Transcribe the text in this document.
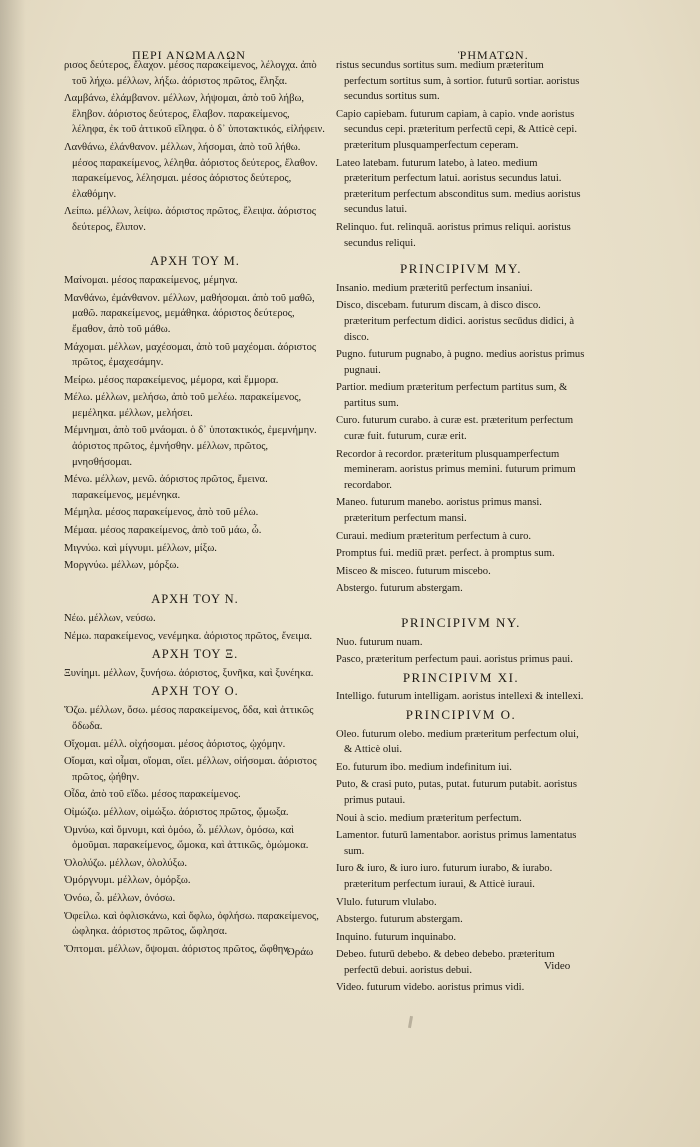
ΠΕΡΙ ΑΝΩΜΑΛΩΝ	ῬΗΜΑΤΩΝ.

ρισος δεύτερος, ἔλαχον. μέσος παρακείμενος, λέλογχα. ἀπὸ τοῦ λήχω. μέλλων, λήξω. ἀόριστος πρῶτος, ἔληξα.

Λαμβάνω, ἐλάμβανον. μέλλων, λήψομαι, ἀπὸ τοῦ λήβω, ἔληβον. ἀόριστος δεύτερος, ἔλαβον. παρακείμενος, λέληφα, ἐκ τοῦ ἀττικοῦ εἴληφα. ὁ δ᾽ ὑποτακτικός, εἰλήφειν.

Λανθάνω, ἐλάνθανον. μέλλων, λήσομαι, ἀπὸ τοῦ λήθω. μέσος παρακείμενος, λέληθα. ἀόριστος δεύτερος, ἔλαθον. παρακείμενος, λέλησμαι. μέσος ἀόριστος δεύτερος, ἐλαθόμην.

Λείπω. μέλλων, λείψω. ἀόριστος πρῶτος, ἔλειψα. ἀόριστος δεύτερος, ἔλιπον.

ΑΡΧΗ ΤΟΥ Μ.

Μαίνομαι. μέσος παρακείμενος, μέμηνα.

Μανθάνω, ἐμάνθανον. μέλλων, μαθήσομαι. ἀπὸ τοῦ μαθῶ, μαθῶ. παρακείμενος, μεμάθηκα. ἀόριστος δεύτερος, ἔμαθον, ἀπὸ τοῦ μάθω.

Μάχομαι. μέλλων, μαχέσομαι, ἀπὸ τοῦ μαχέομαι. ἀόριστος πρῶτος, ἐμαχεσάμην.

Μείρω. μέσος παρακείμενος, μέμορα, καὶ ἔμμορα.

Μέλω. μέλλων, μελήσω, ἀπὸ τοῦ μελέω. παρακείμενος, μεμέληκα. μέλλων, μελήσει.

Μέμνημαι, ἀπὸ τοῦ μνάομαι. ὁ δ᾽ ὑποτακτικός, ἐμεμνήμην. ἀόριστος πρῶτος, ἐμνήσθην. μέλλων, πρῶτος, μνησθήσομαι.

Μένω. μέλλων, μενῶ. ἀόριστος πρῶτος, ἔμεινα. παρακείμενος, μεμένηκα.

Μέμηλα. μέσος παρακείμενος, ἀπὸ τοῦ μέλω.

Μέμαα. μέσος παρακείμενος, ἀπὸ τοῦ μάω, ὦ.

Μιγνύω. καὶ μίγνυμι. μέλλων, μίξω.

Μοργνύω. μέλλων, μόρξω.

ΑΡΧΗ ΤΟΥ Ν.

Νέω. μέλλων, νεύσω.

Νέμω. παρακείμενος, νενέμηκα. ἀόριστος πρῶτος, ἔνειμα.

ΑΡΧΗ ΤΟΥ Ξ.

Ξυνίημι. μέλλων, ξυνήσω. ἀόριστος, ξυνῆκα, καὶ ξυνέηκα.

ΑΡΧΗ ΤΟΥ Ο.

Ὄζω. μέλλων, ὄσω. μέσος παρακείμενος, ὄδα, καὶ ἀττικῶς ὄδωδα.

Οἴχομαι. μέλλ. οἰχήσομαι. μέσος ἀόριστος, ᾠχόμην.

Οἴομαι, καὶ οἶμαι, οἴομαι, οἴει. μέλλων, οἰήσομαι. ἀόριστος πρῶτος, ᾠήθην.

Οἶδα, ἀπὸ τοῦ εἴδω. μέσος παρακείμενος.

Οἰμώζω. μέλλων, οἰμώξω. ἀόριστος πρῶτος, ᾤμωξα.

Ὀμνύω, καὶ ὄμνυμι, καὶ ὀμόω, ὦ. μέλλων, ὀμόσω, καὶ ὀμοῦμαι. παρακείμενος, ὤμοκα, καὶ ἀττικῶς, ὀμώμοκα.

Ὀλολύζω. μέλλων, ὀλολύξω.

Ὀμόργνυμι. μέλλων, ὀμόρξω.

Ὀνόω, ὦ. μέλλων, ὀνόσω.

Ὀφείλω. καὶ ὀφλισκάνω, καὶ ὄφλω, ὀφλήσω. παρακείμενος, ὠφληκα. ἀόριστος πρῶτος, ὤφλησα.

Ὄπτομαι. μέλλων, ὄψομαι. ἀόριστος πρῶτος, ὤφθην.

ristus secundus sortitus sum. medium præteritum perfectum sortitus sum, à sortior. futurū sortiar. aoristus secundus sortitus sum.

Capio capiebam. futurum capiam, à capio. vnde aoristus secundus cepi. præteritum perfectū cepi, & Atticè cepi. præteritum plusquamperfectum ceperam.

Lateo latebam. futurum latebo, à lateo. medium præteritum perfectum latui. aoristus secundus latui. præteritum perfectum absconditus sum. medius aoristus secundus latui.

Relinquo. fut. relinquā. aoristus primus reliqui. aoristus secundus reliqui.

PRINCIPIVM MY.

Insanio. medium præteritū perfectum insaniui.

Disco, discebam. futurum discam, à disco disco. præteritum perfectum didici. aoristus secūdus didici, à disco.

Pugno. futurum pugnabo, à pugno. medius aoristus primus pugnaui.

Partior. medium præteritum perfectum partitus sum, & partitus sum.

Curo. futurum curabo. à curæ est. præteritum perfectum curæ fuit. futurum, curæ erit.

Recordor à recordor. præteritum plusquamperfectum memineram. aoristus primus memini. futurum primum recordabor.

Maneo. futurum manebo. aoristus primus mansi. præteritum perfectum mansi.

Curaui. medium præteritum perfectum à curo.

Promptus fui. mediū præt. perfect. à promptus sum.

Misceo & misceo. futurum miscebo.

Abstergo. futurum abstergam.

PRINCIPIVM NY.

Nuo. futurum nuam.

Pasco, præteritum perfectum paui. aoristus primus paui.

PRINCIPIVM XI.

Intelligo. futurum intelligam. aoristus intellexi & intellexi.

PRINCIPIVM O.

Oleo. futurum olebo. medium præteritum perfectum olui, & Atticè olui.

Eo. futurum ibo. medium indefinitum iui.

Puto, & crasi puto, putas, putat. futurum putabit. aoristus primus putaui.

Noui à scio. medium præteritum perfectum.

Lamentor. futurū lamentabor. aoristus primus lamentatus sum.

Iuro & iuro, & iuro iuro. futurum iurabo, & iurabo. præteritum perfectum iuraui, & Atticè iuraui.

Vlulo. futurum vlulabo.

Abstergo. futurum abstergam.

Inquino. futurum inquinabo.

Debeo. futurū debebo. & debeo debebo. præteritum perfectū debui. aoristus debui.

Video. futurum videbo. aoristus primus vidi.

Ὁράω
Video
